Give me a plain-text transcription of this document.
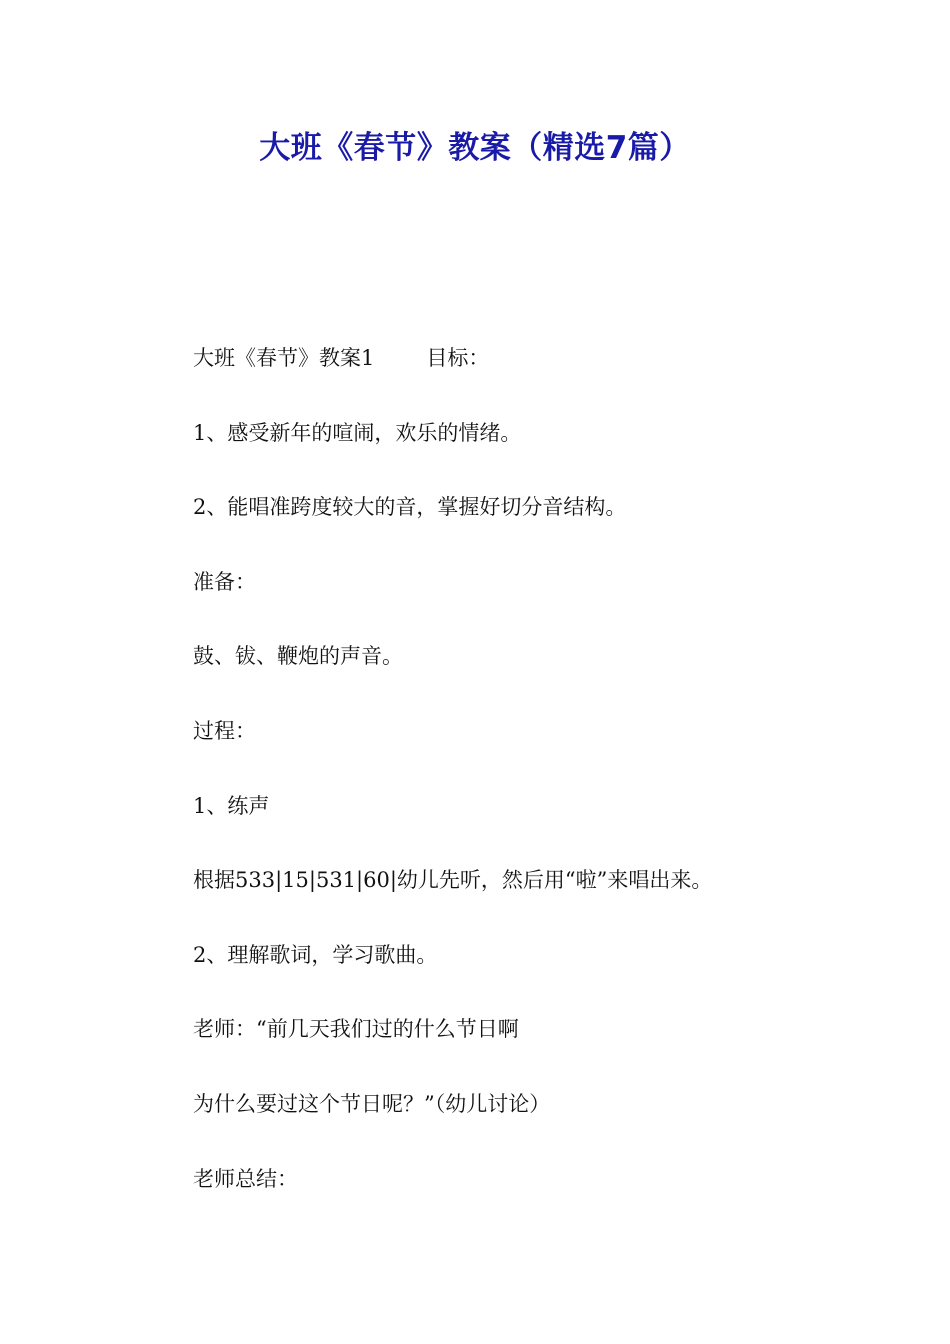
大班《春节》教案（精选7篇）
大班《春节》教案1 目标：
1、感受新年的喧闹，欢乐的情绪。
2、能唱准跨度较大的音，掌握好切分音结构。
准备：
鼓、钹、鞭炮的声音。
过程：
1、练声
根据533|15|531|60|幼儿先听，然后用“啦”来唱出来。
2、理解歌词，学习歌曲。
老师：“前几天我们过的什么节日啊
为什么要过这个节日呢？”（幼儿讨论）
老师总结：
